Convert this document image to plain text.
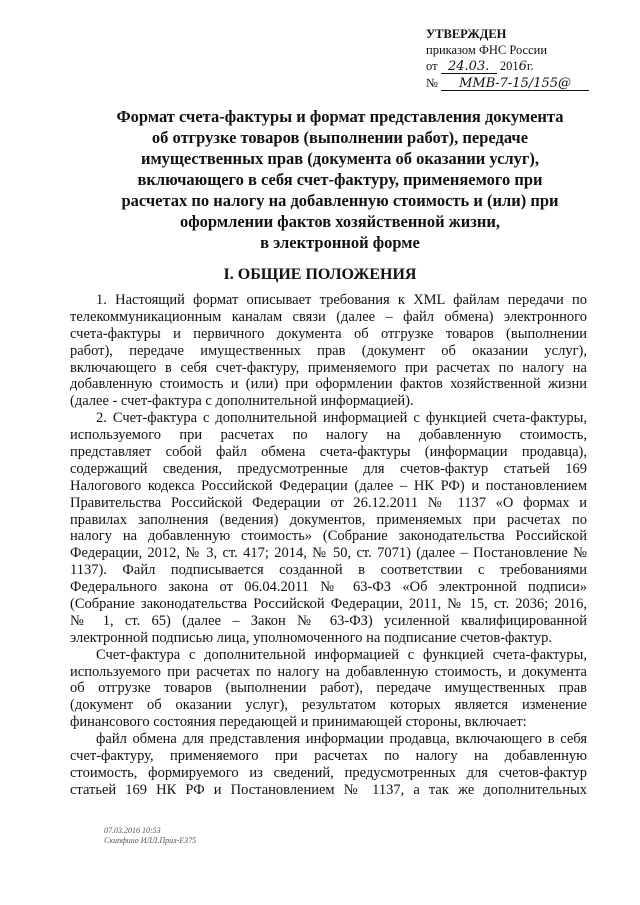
УТВЕРЖДЕН
приказом ФНС России
от 24.03. 2016г.
№ ММВ-7-15/155@
Формат счета-фактуры и формат представления документа
об отгрузке товаров (выполнении работ), передаче
имущественных прав (документа об оказании услуг),
включающего в себя счет-фактуру, применяемого при
расчетах по налогу на добавленную стоимость и (или) при
оформлении фактов хозяйственной жизни,
в электронной форме
I. ОБЩИЕ ПОЛОЖЕНИЯ
1. Настоящий формат описывает требования к XML файлам передачи по
телекоммуникационным каналам связи (далее – файл обмена) электронного
счета-фактуры и первичного документа об отгрузке товаров (выполнении
работ), передаче имущественных прав (документ об оказании услуг),
включающего в себя счет-фактуру, применяемого при расчетах по налогу на
добавленную стоимость и (или) при оформлении фактов хозяйственной жизни
(далее - счет-фактура с дополнительной информацией).
2. Счет-фактура с дополнительной информацией с функцией счета-фактуры,
используемого при расчетах по налогу на добавленную стоимость,
представляет собой файл обмена счета-фактуры (информации продавца),
содержащий сведения, предусмотренные для счетов-фактур статьей 169
Налогового кодекса Российской Федерации (далее – НК РФ) и постановлением
Правительства Российской Федерации от 26.12.2011 № 1137 «О формах и
правилах заполнения (ведения) документов, применяемых при расчетах по
налогу на добавленную стоимость» (Собрание законодательства Российской
Федерации, 2012, № 3, ст. 417; 2014, № 50, ст. 7071) (далее – Постановление №
1137). Файл подписывается созданной в соответствии с требованиями
Федерального закона от 06.04.2011 № 63-ФЗ «Об электронной подписи»
(Собрание законодательства Российской Федерации, 2011, № 15, ст. 2036; 2016,
№ 1, ст. 65) (далее – Закон № 63-ФЗ) усиленной квалифицированной
электронной подписью лица, уполномоченного на подписание счетов-фактур.
Счет-фактура с дополнительной информацией с функцией счета-фактуры,
используемого при расчетах по налогу на добавленную стоимость, и документа
об отгрузке товаров (выполнении работ), передаче имущественных прав
(документ об оказании услуг), результатом которых является изменение
финансового состояния передающей и принимающей стороны, включает:
файл обмена для представления информации продавца, включающего в себя
счет-фактуру, применяемого при расчетах по налогу на добавленную
стоимость, формируемого из сведений, предусмотренных для счетов-фактур
статьей 169 НК РФ и Постановлением № 1137, а так же дополнительных
07.03.2016 10:53
Скипфино ИЛЛ.Прил-Е375
